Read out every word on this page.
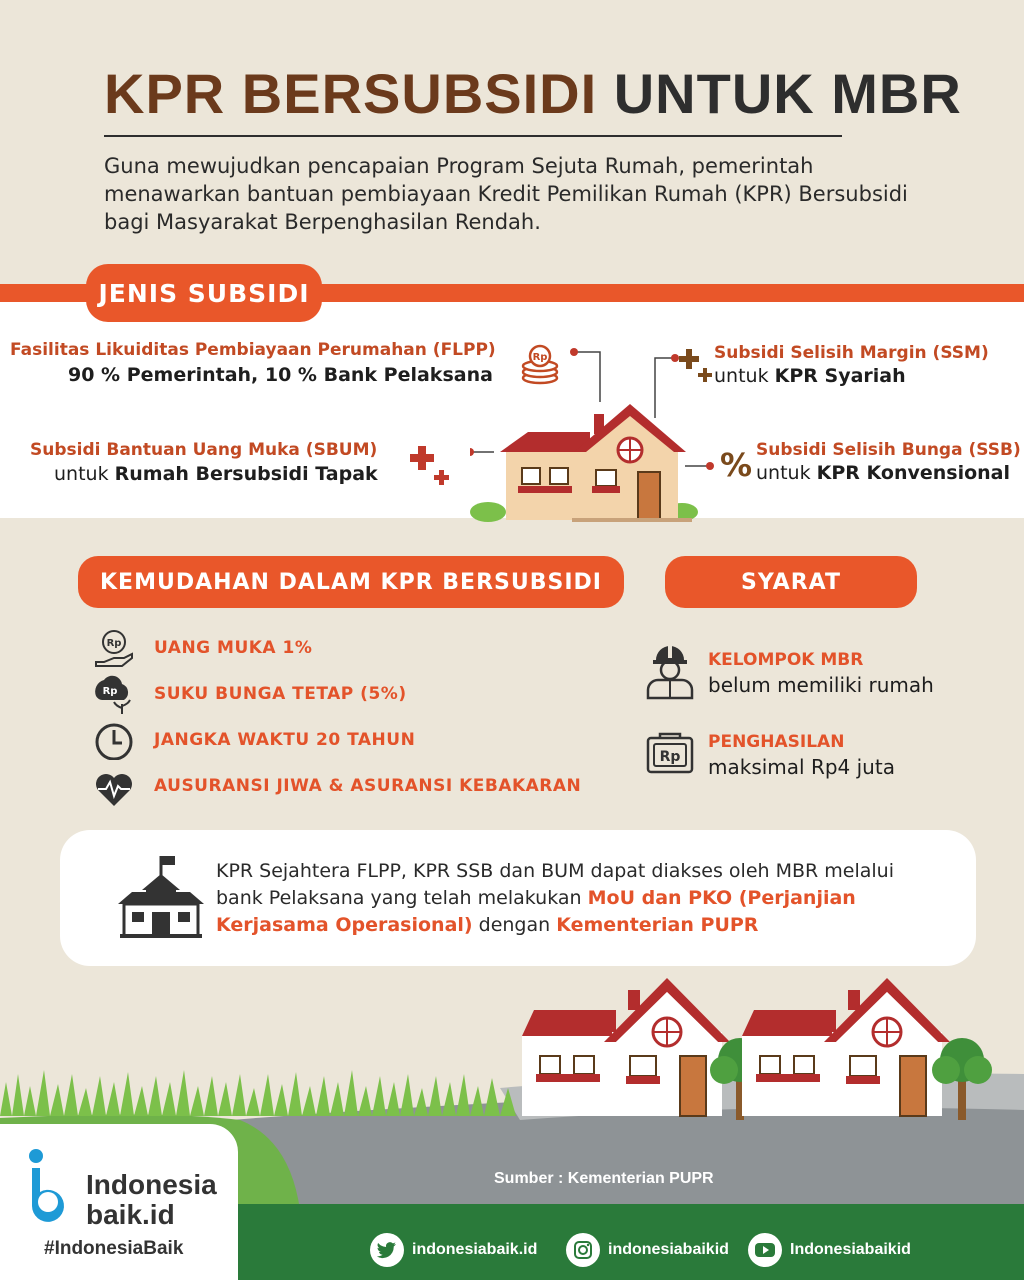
KPR BERSUBSIDI UNTUK MBR

Guna mewujudkan pencapaian Program Sejuta Rumah, pemerintah menawarkan bantuan pembiayaan Kredit Pemilikan Rumah (KPR) Bersubsidi bagi Masyarakat Berpenghasilan Rendah.

JENIS SUBSIDI
Fasilitas Likuiditas Pembiayaan Perumahan (FLPP)
90 % Pemerintah, 10 % Bank Pelaksana
Rp
Subsidi Bantuan Uang Muka (SBUM)
untuk Rumah Bersubsidi Tapak
Subsidi Selisih Margin (SSM)
untuk KPR Syariah
Subsidi Selisih Bunga (SSB)
untuk KPR Konvensional
%
KEMUDAHAN DALAM KPR BERSUBSIDI
Rp UANG MUKA 1%
Rp SUKU BUNGA TETAP (5%)
JANGKA WAKTU 20 TAHUN
AUSURANSI JIWA & ASURANSI KEBAKARAN
SYARAT
KELOMPOK MBR
belum memiliki rumah
Rp
PENGHASILAN
maksimal Rp4 juta

KPR Sejahtera FLPP, KPR SSB dan BUM dapat diakses oleh MBR melalui bank Pelaksana yang telah melakukan MoU dan PKO (Perjanjian Kerjasama Operasional) dengan Kementerian PUPR

Indonesia
baik.id
#IndonesiaBaik
Sumber : Kementerian PUPR
indonesiabaik.id	indonesiabaikid	Indonesiabaikid
